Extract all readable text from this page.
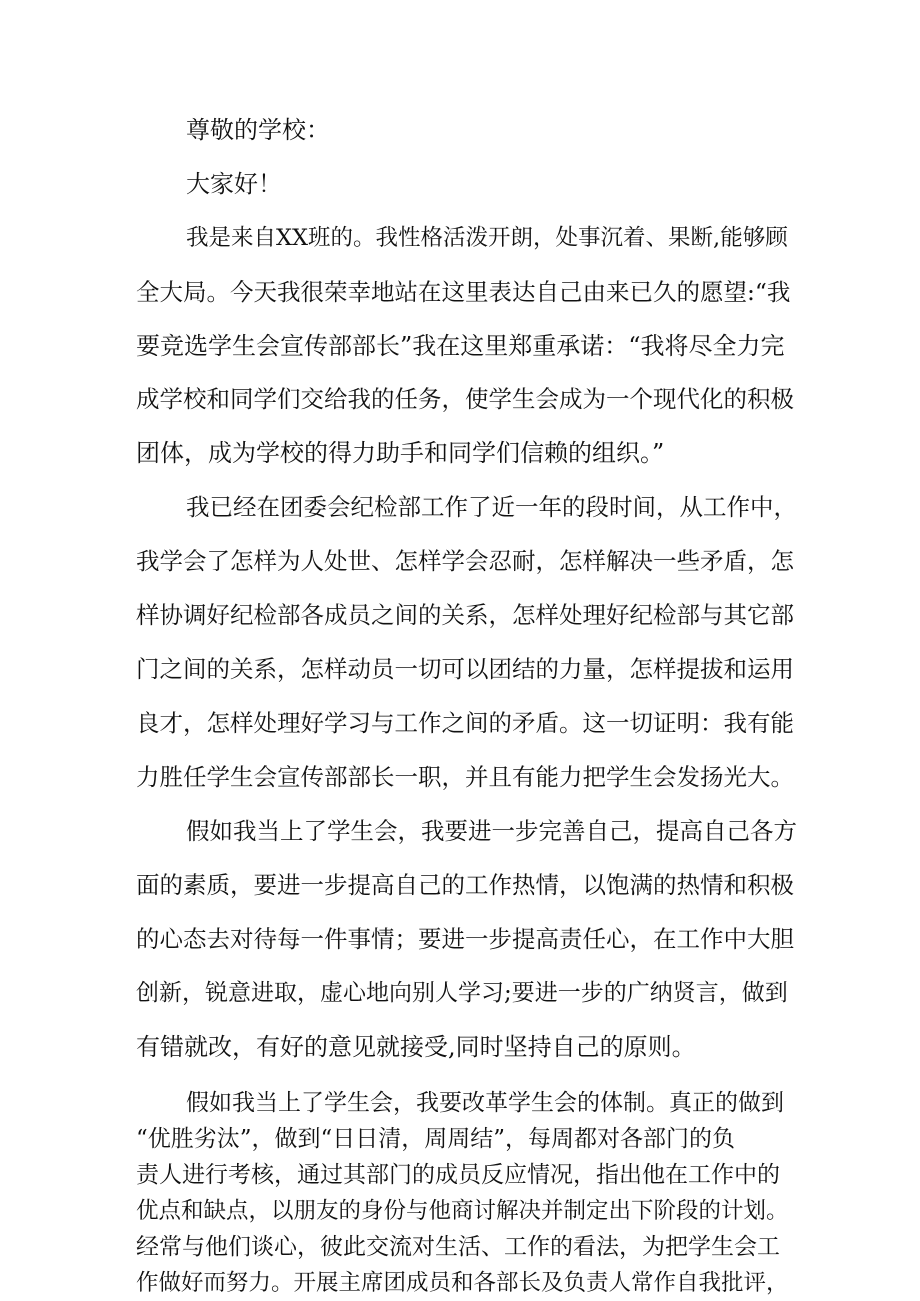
尊敬的学校：

大家好！

我是来自XX班的。我性格活泼开朗，处事沉着、果断,能够顾

全大局。今天我很荣幸地站在这里表达自己由来已久的愿望:“我

要竞选学生会宣传部部长”我在这里郑重承诺：“我将尽全力完

成学校和同学们交给我的任务，使学生会成为一个现代化的积极

团体，成为学校的得力助手和同学们信赖的组织。”

我已经在团委会纪检部工作了近一年的段时间，从工作中，

我学会了怎样为人处世、怎样学会忍耐，怎样解决一些矛盾，怎

样协调好纪检部各成员之间的关系，怎样处理好纪检部与其它部

门之间的关系，怎样动员一切可以团结的力量，怎样提拔和运用

良才，怎样处理好学习与工作之间的矛盾。这一切证明：我有能

力胜任学生会宣传部部长一职，并且有能力把学生会发扬光大。

假如我当上了学生会，我要进一步完善自己，提高自己各方

面的素质，要进一步提高自己的工作热情，以饱满的热情和积极

的心态去对待每一件事情；要进一步提高责任心，在工作中大胆

创新，锐意进取，虚心地向别人学习;要进一步的广纳贤言，做到

有错就改，有好的意见就接受,同时坚持自己的原则。

假如我当上了学生会，我要改革学生会的体制。真正的做到

“优胜劣汰”，做到“日日清，周周结”，每周都对各部门的负

责人进行考核，通过其部门的成员反应情况，指出他在工作中的

优点和缺点，以朋友的身份与他商讨解决并制定出下阶段的计划。

经常与他们谈心，彼此交流对生活、工作的看法，为把学生会工

作做好而努力。开展主席团成员和各部长及负责人常作自我批评，
